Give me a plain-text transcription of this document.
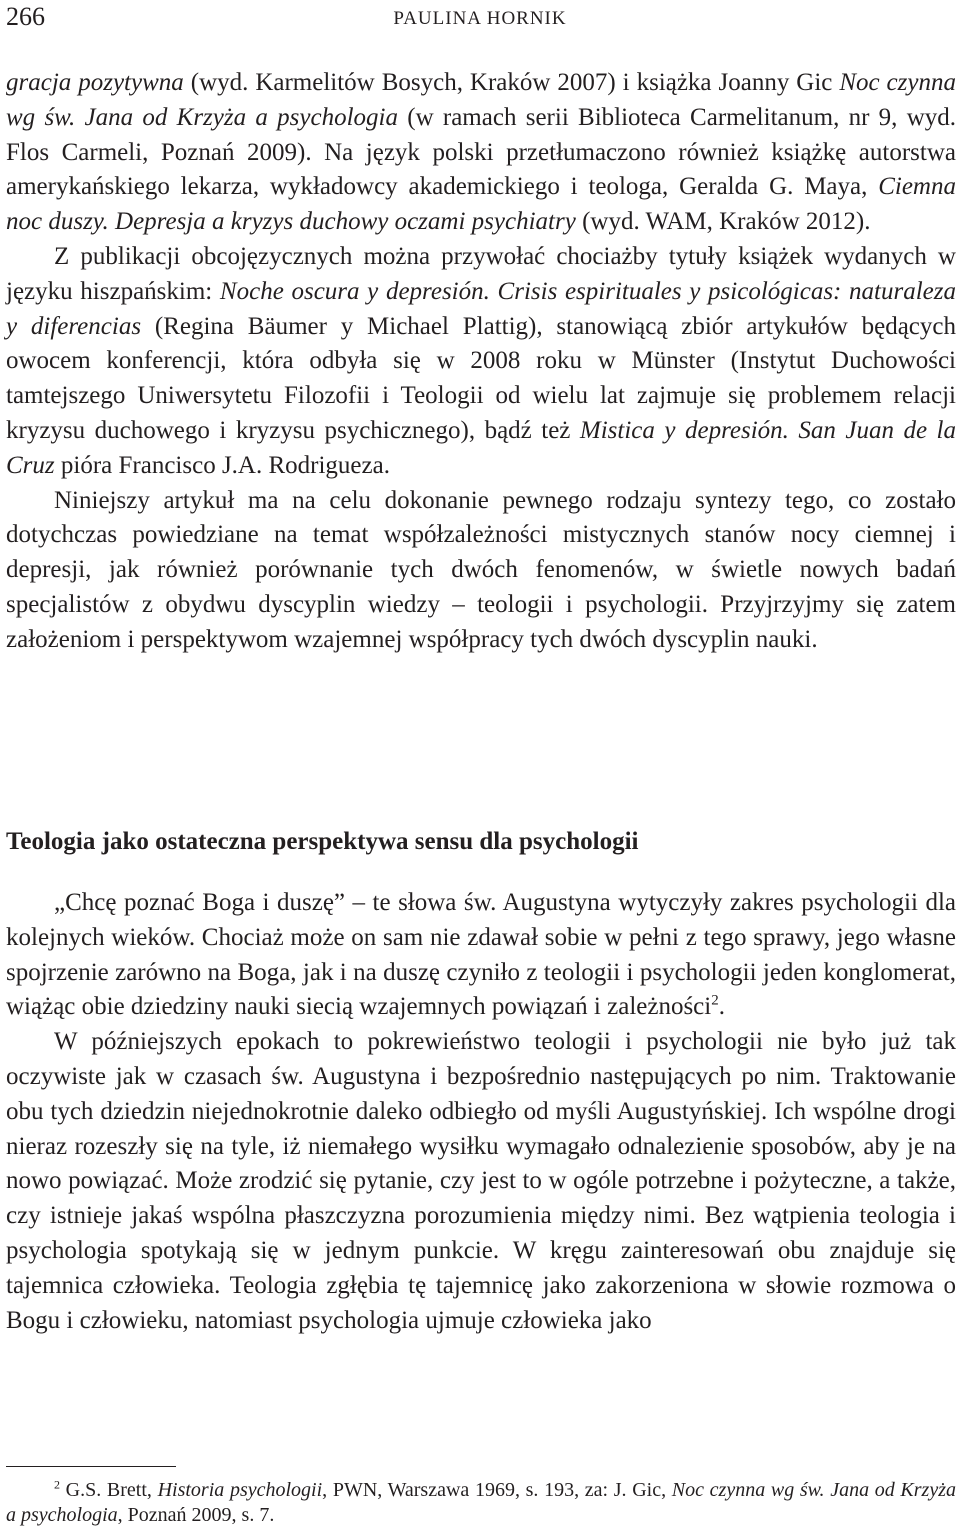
266	PAULINA HORNIK

gracja pozytywna (wyd. Karmelitów Bosych, Kraków 2007) i książka Joanny Gic Noc czynna wg św. Jana od Krzyża a psychologia (w ramach serii Biblioteca Carmelitanum, nr 9, wyd. Flos Carmeli, Poznań 2009). Na język polski przetłumaczono również książkę autorstwa amerykańskiego lekarza, wykładowcy akademickiego i teologa, Geralda G. Maya, Ciemna noc duszy. Depresja a kryzys duchowy oczami psychiatry (wyd. WAM, Kraków 2012).

Z publikacji obcojęzycznych można przywołać chociażby tytuły książek wydanych w języku hiszpańskim: Noche oscura y depresión. Crisis espirituales y psicológicas: naturaleza y diferencias (Regina Bäumer y Michael Plattig), stanowiącą zbiór artykułów będących owocem konferencji, która odbyła się w 2008 roku w Münster (Instytut Duchowości tamtejszego Uniwersytetu Filozofii i Teologii od wielu lat zajmuje się problemem relacji kryzysu duchowego i kryzysu psychicznego), bądź też Mistica y depresión. San Juan de la Cruz pióra Francisco J.A. Rodrigueza.

Niniejszy artykuł ma na celu dokonanie pewnego rodzaju syntezy tego, co zostało dotychczas powiedziane na temat współzależności mistycznych stanów nocy ciemnej i depresji, jak również porównanie tych dwóch fenomenów, w świetle nowych badań specjalistów z obydwu dyscyplin wiedzy – teologii i psychologii. Przyjrzyjmy się zatem założeniom i perspektywom wzajemnej współpracy tych dwóch dyscyplin nauki.

Teologia jako ostateczna perspektywa sensu dla psychologii

„Chcę poznać Boga i duszę” – te słowa św. Augustyna wytyczyły zakres psychologii dla kolejnych wieków. Chociaż może on sam nie zdawał sobie w pełni z tego sprawy, jego własne spojrzenie zarówno na Boga, jak i na duszę czyniło z teologii i psychologii jeden konglomerat, wiążąc obie dziedziny nauki siecią wzajemnych powiązań i zależności$^2$.

W późniejszych epokach to pokrewieństwo teologii i psychologii nie było już tak oczywiste jak w czasach św. Augustyna i bezpośrednio następujących po nim. Traktowanie obu tych dziedzin niejednokrotnie daleko odbiegło od myśli Augustyńskiej. Ich wspólne drogi nieraz rozeszły się na tyle, iż niemałego wysiłku wymagało odnalezienie sposobów, aby je na nowo powiązać. Może zrodzić się pytanie, czy jest to w ogóle potrzebne i pożyteczne, a także, czy istnieje jakaś wspólna płaszczyzna porozumienia między nimi. Bez wątpienia teologia i psychologia spotykają się w jednym punkcie. W kręgu zainteresowań obu znajduje się tajemnica człowieka. Teologia zgłębia tę tajemnicę jako zakorzeniona w słowie rozmowa o Bogu i człowieku, natomiast psychologia ujmuje człowieka jako

$^2$ G.S. Brett, Historia psychologii, PWN, Warszawa 1969, s. 193, za: J. Gic, Noc czynna wg św. Jana od Krzyża a psychologia, Poznań 2009, s. 7.
